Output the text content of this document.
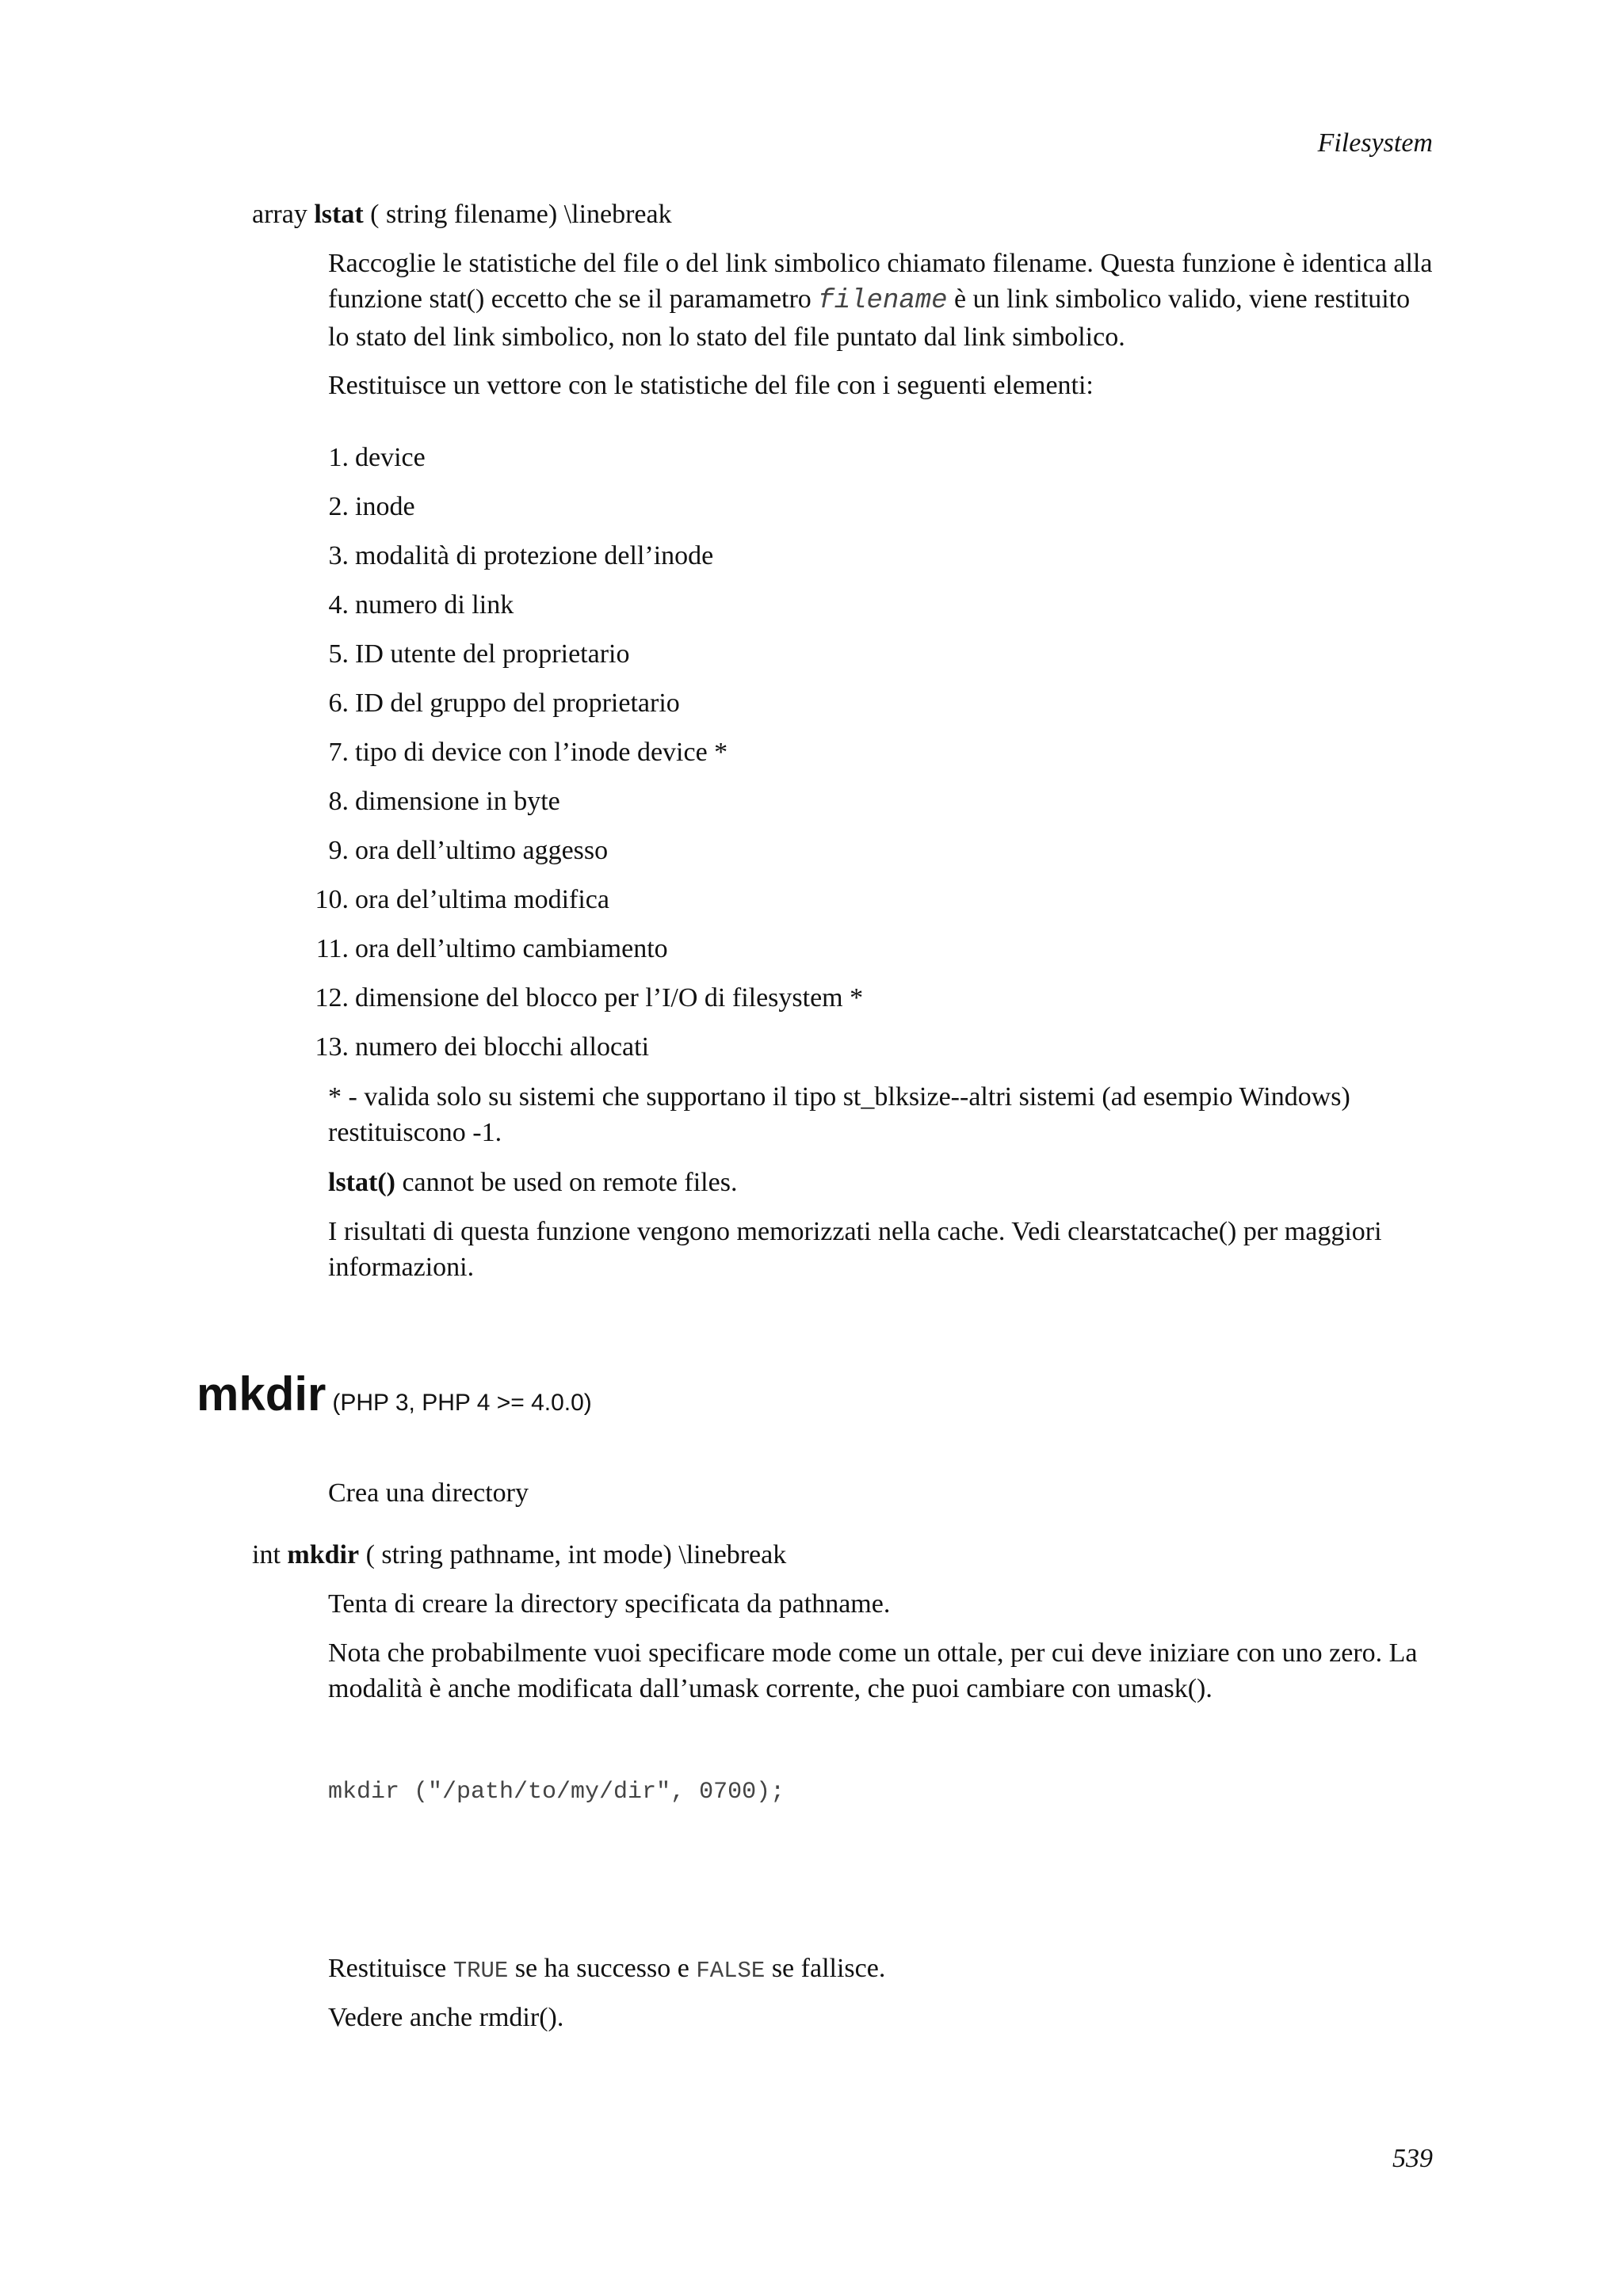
Filesystem
array lstat ( string filename) \linebreak
Raccoglie le statistiche del file o del link simbolico chiamato filename. Questa funzione è identica alla funzione stat() eccetto che se il paramametro filename è un link simbolico valido, viene restituito lo stato del link simbolico, non lo stato del file puntato dal link simbolico.
Restituisce un vettore con le statistiche del file con i seguenti elementi:
1. device
2. inode
3. modalità di protezione dell’inode
4. numero di link
5. ID utente del proprietario
6. ID del gruppo del proprietario
7. tipo di device con l’inode device *
8. dimensione in byte
9. ora dell’ultimo aggesso
10. ora del’ultima modifica
11. ora dell’ultimo cambiamento
12. dimensione del blocco per l’I/O di filesystem *
13. numero dei blocchi allocati
* - valida solo su sistemi che supportano il tipo st_blksize--altri sistemi (ad esempio Windows) restituiscono -1.
lstat() cannot be used on remote files.
I risultati di questa funzione vengono memorizzati nella cache. Vedi clearstatcache() per maggiori informazioni.
mkdir (PHP 3, PHP 4 >= 4.0.0)
Crea una directory
int mkdir ( string pathname, int mode) \linebreak
Tenta di creare la directory specificata da pathname.
Nota che probabilmente vuoi specificare mode come un ottale, per cui deve iniziare con uno zero. La modalità è anche modificata dall’umask corrente, che puoi cambiare con umask().
mkdir ("/path/to/my/dir", 0700);
Restituisce TRUE se ha successo e FALSE se fallisce.
Vedere anche rmdir().
539
